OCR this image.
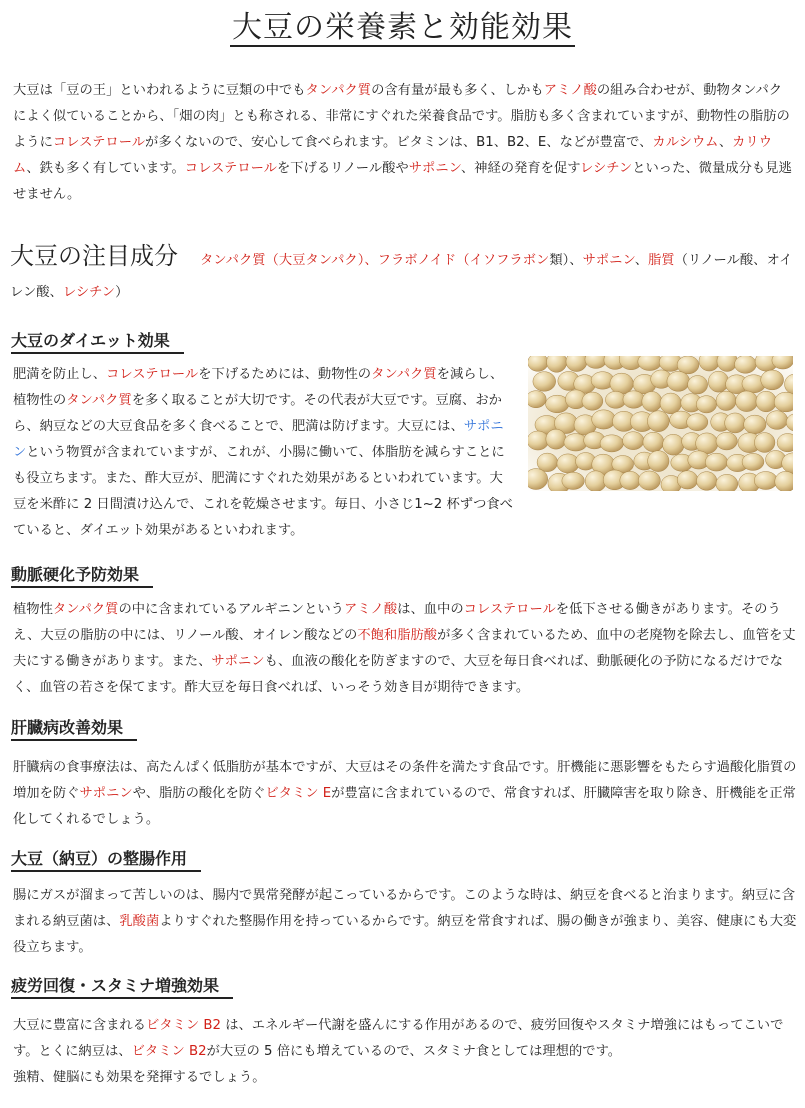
大豆の栄養素と効能効果

大豆は「豆の王」といわれるように豆類の中でもタンパク質の含有量が最も多く、しかもアミノ酸の組み合わせが、動物タンパクによく似ていることから、「畑の肉」とも称される、非常にすぐれた栄養食品です。脂肪も多く含まれていますが、動物性の脂肪のようにコレステロールが多くないので、安心して食べられます。ビタミンは、B1、B2、E、などが豊富で、カルシウム、カリウム、鉄も多く有しています。コレステロールを下げるリノール酸やサポニン、神経の発育を促すレシチンといった、微量成分も見逃せません。

大豆の注目成分 タンパク質（大豆タンパク）、フラボノイド（イソフラボン類）、サポニン、脂質（リノール酸、オイレン酸、レシチン）

大豆のダイエット効果

肥満を防止し、コレステロールを下げるためには、動物性のタンパク質を減らし、植物性のタンパク質を多く取ることが大切です。その代表が大豆です。豆腐、おから、納豆などの大豆食品を多く食べることで、肥満は防げます。大豆には、サポニンという物質が含まれていますが、これが、小腸に働いて、体脂肪を減らすことにも役立ちます。また、酢大豆が、肥満にすぐれた効果があるといわれています。大豆を米酢に 2 日間漬け込んで、これを乾燥させます。毎日、小さじ1~2 杯ずつ食べていると、ダイエット効果があるといわれます。

動脈硬化予防効果

植物性タンパク質の中に含まれているアルギニンというアミノ酸は、血中のコレステロールを低下させる働きがあります。そのうえ、大豆の脂肪の中には、リノール酸、オイレン酸などの不飽和脂肪酸が多く含まれているため、血中の老廃物を除去し、血管を丈夫にする働きがあります。また、サポニンも、血液の酸化を防ぎますので、大豆を毎日食べれば、動脈硬化の予防になるだけでなく、血管の若さを保てます。酢大豆を毎日食べれば、いっそう効き目が期待できます。

肝臓病改善効果

肝臓病の食事療法は、高たんぱく低脂肪が基本ですが、大豆はその条件を満たす食品です。肝機能に悪影響をもたらす過酸化脂質の増加を防ぐサポニンや、脂肪の酸化を防ぐビタミン Eが豊富に含まれているので、常食すれば、肝臓障害を取り除き、肝機能を正常化してくれるでしょう。

大豆（納豆）の整腸作用

腸にガスが溜まって苦しいのは、腸内で異常発酵が起こっているからです。このような時は、納豆を食べると治まります。納豆に含まれる納豆菌は、乳酸菌よりすぐれた整腸作用を持っているからです。納豆を常食すれば、腸の働きが強まり、美容、健康にも大変役立ちます。

疲労回復・スタミナ増強効果

大豆に豊富に含まれるビタミン B2 は、エネルギー代謝を盛んにする作用があるので、疲労回復やスタミナ増強にはもってこいです。とくに納豆は、ビタミン B2が大豆の 5 倍にも増えているので、スタミナ食としては理想的です。
強精、健脳にも効果を発揮するでしょう。
